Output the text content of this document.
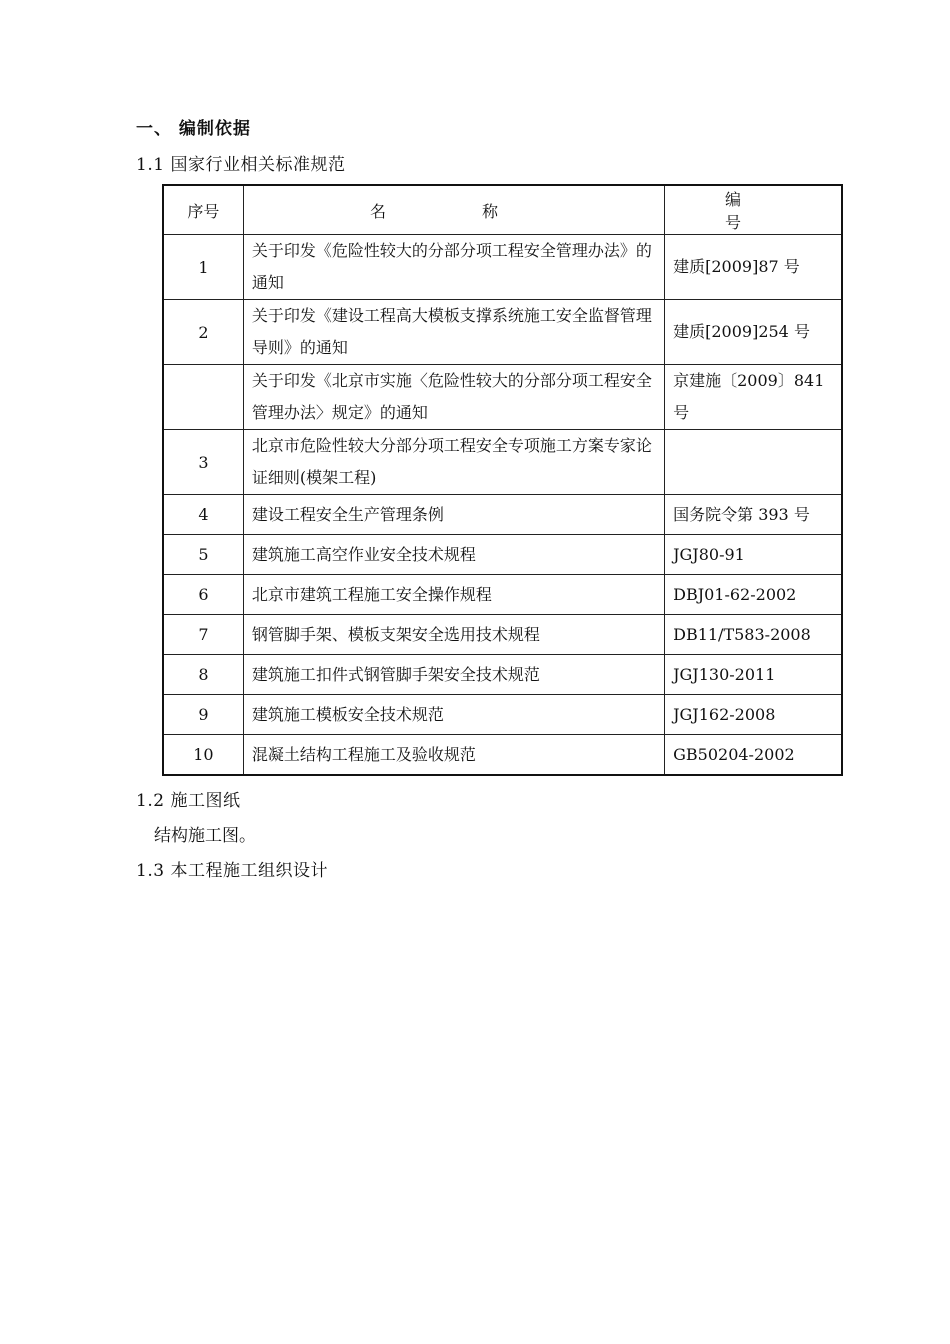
一、 编制依据
1.1 国家行业相关标准规范
序号	名　称	编　号
1	关于印发《危险性较大的分部分项工程安全管理办法》的通知	建质[2009]87 号
2	关于印发《建设工程高大模板支撑系统施工安全监督管理导则》的通知	建质[2009]254 号
	关于印发《北京市实施〈危险性较大的分部分项工程安全管理办法〉规定》的通知	京建施〔2009〕841号
3	北京市危险性较大分部分项工程安全专项施工方案专家论证细则(模架工程)	
4	建设工程安全生产管理条例	国务院令第 393 号
5	建筑施工高空作业安全技术规程	JGJ80-91
6	北京市建筑工程施工安全操作规程	DBJ01-62-2002
7	钢管脚手架、模板支架安全选用技术规程	DB11/T583-2008
8	建筑施工扣件式钢管脚手架安全技术规范	JGJ130-2011
9	建筑施工模板安全技术规范	JGJ162-2008
10	混凝土结构工程施工及验收规范	GB50204-2002
1.2 施工图纸
结构施工图。
1.3 本工程施工组织设计
